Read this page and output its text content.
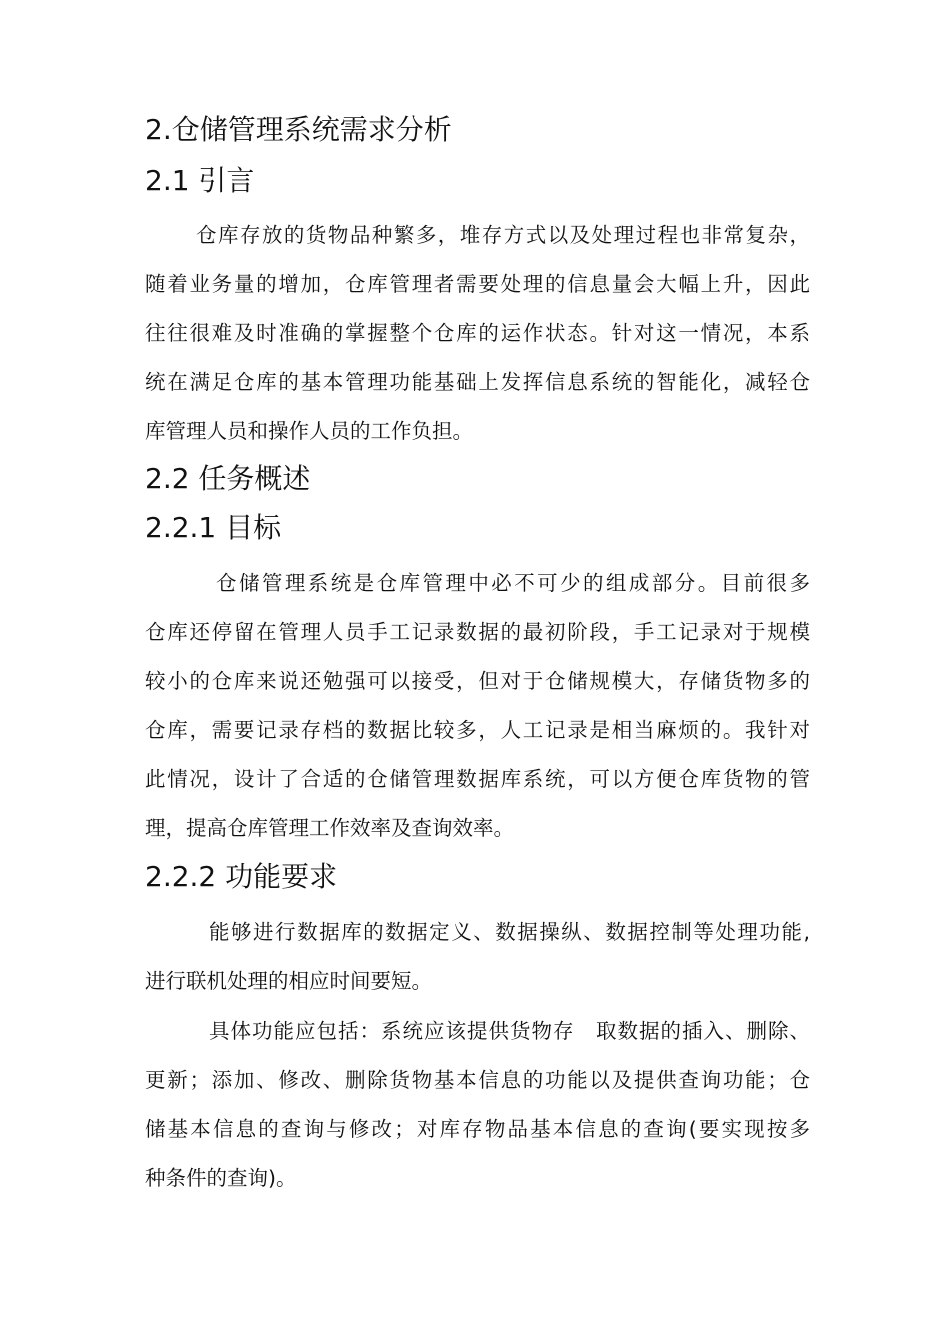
2.仓储管理系统需求分析
2.1 引言
仓库存放的货物品种繁多，堆存方式以及处理过程也非常复杂，
随着业务量的增加，仓库管理者需要处理的信息量会大幅上升，因此
往往很难及时准确的掌握整个仓库的运作状态。针对这一情况，本系
统在满足仓库的基本管理功能基础上发挥信息系统的智能化，减轻仓
库管理人员和操作人员的工作负担。
2.2 任务概述
2.2.1 目标
仓储管理系统是仓库管理中必不可少的组成部分。目前很多
仓库还停留在管理人员手工记录数据的最初阶段，手工记录对于规模
较小的仓库来说还勉强可以接受，但对于仓储规模大，存储货物多的
仓库，需要记录存档的数据比较多，人工记录是相当麻烦的。我针对
此情况，设计了合适的仓储管理数据库系统，可以方便仓库货物的管
理，提高仓库管理工作效率及查询效率。
2.2.2 功能要求
能够进行数据库的数据定义、数据操纵、数据控制等处理功能,
进行联机处理的相应时间要短。
具体功能应包括：系统应该提供货物存　取数据的插入、删除、
更新；添加、修改、删除货物基本信息的功能以及提供查询功能；仓
储基本信息的查询与修改；对库存物品基本信息的查询(要实现按多
种条件的查询)。
